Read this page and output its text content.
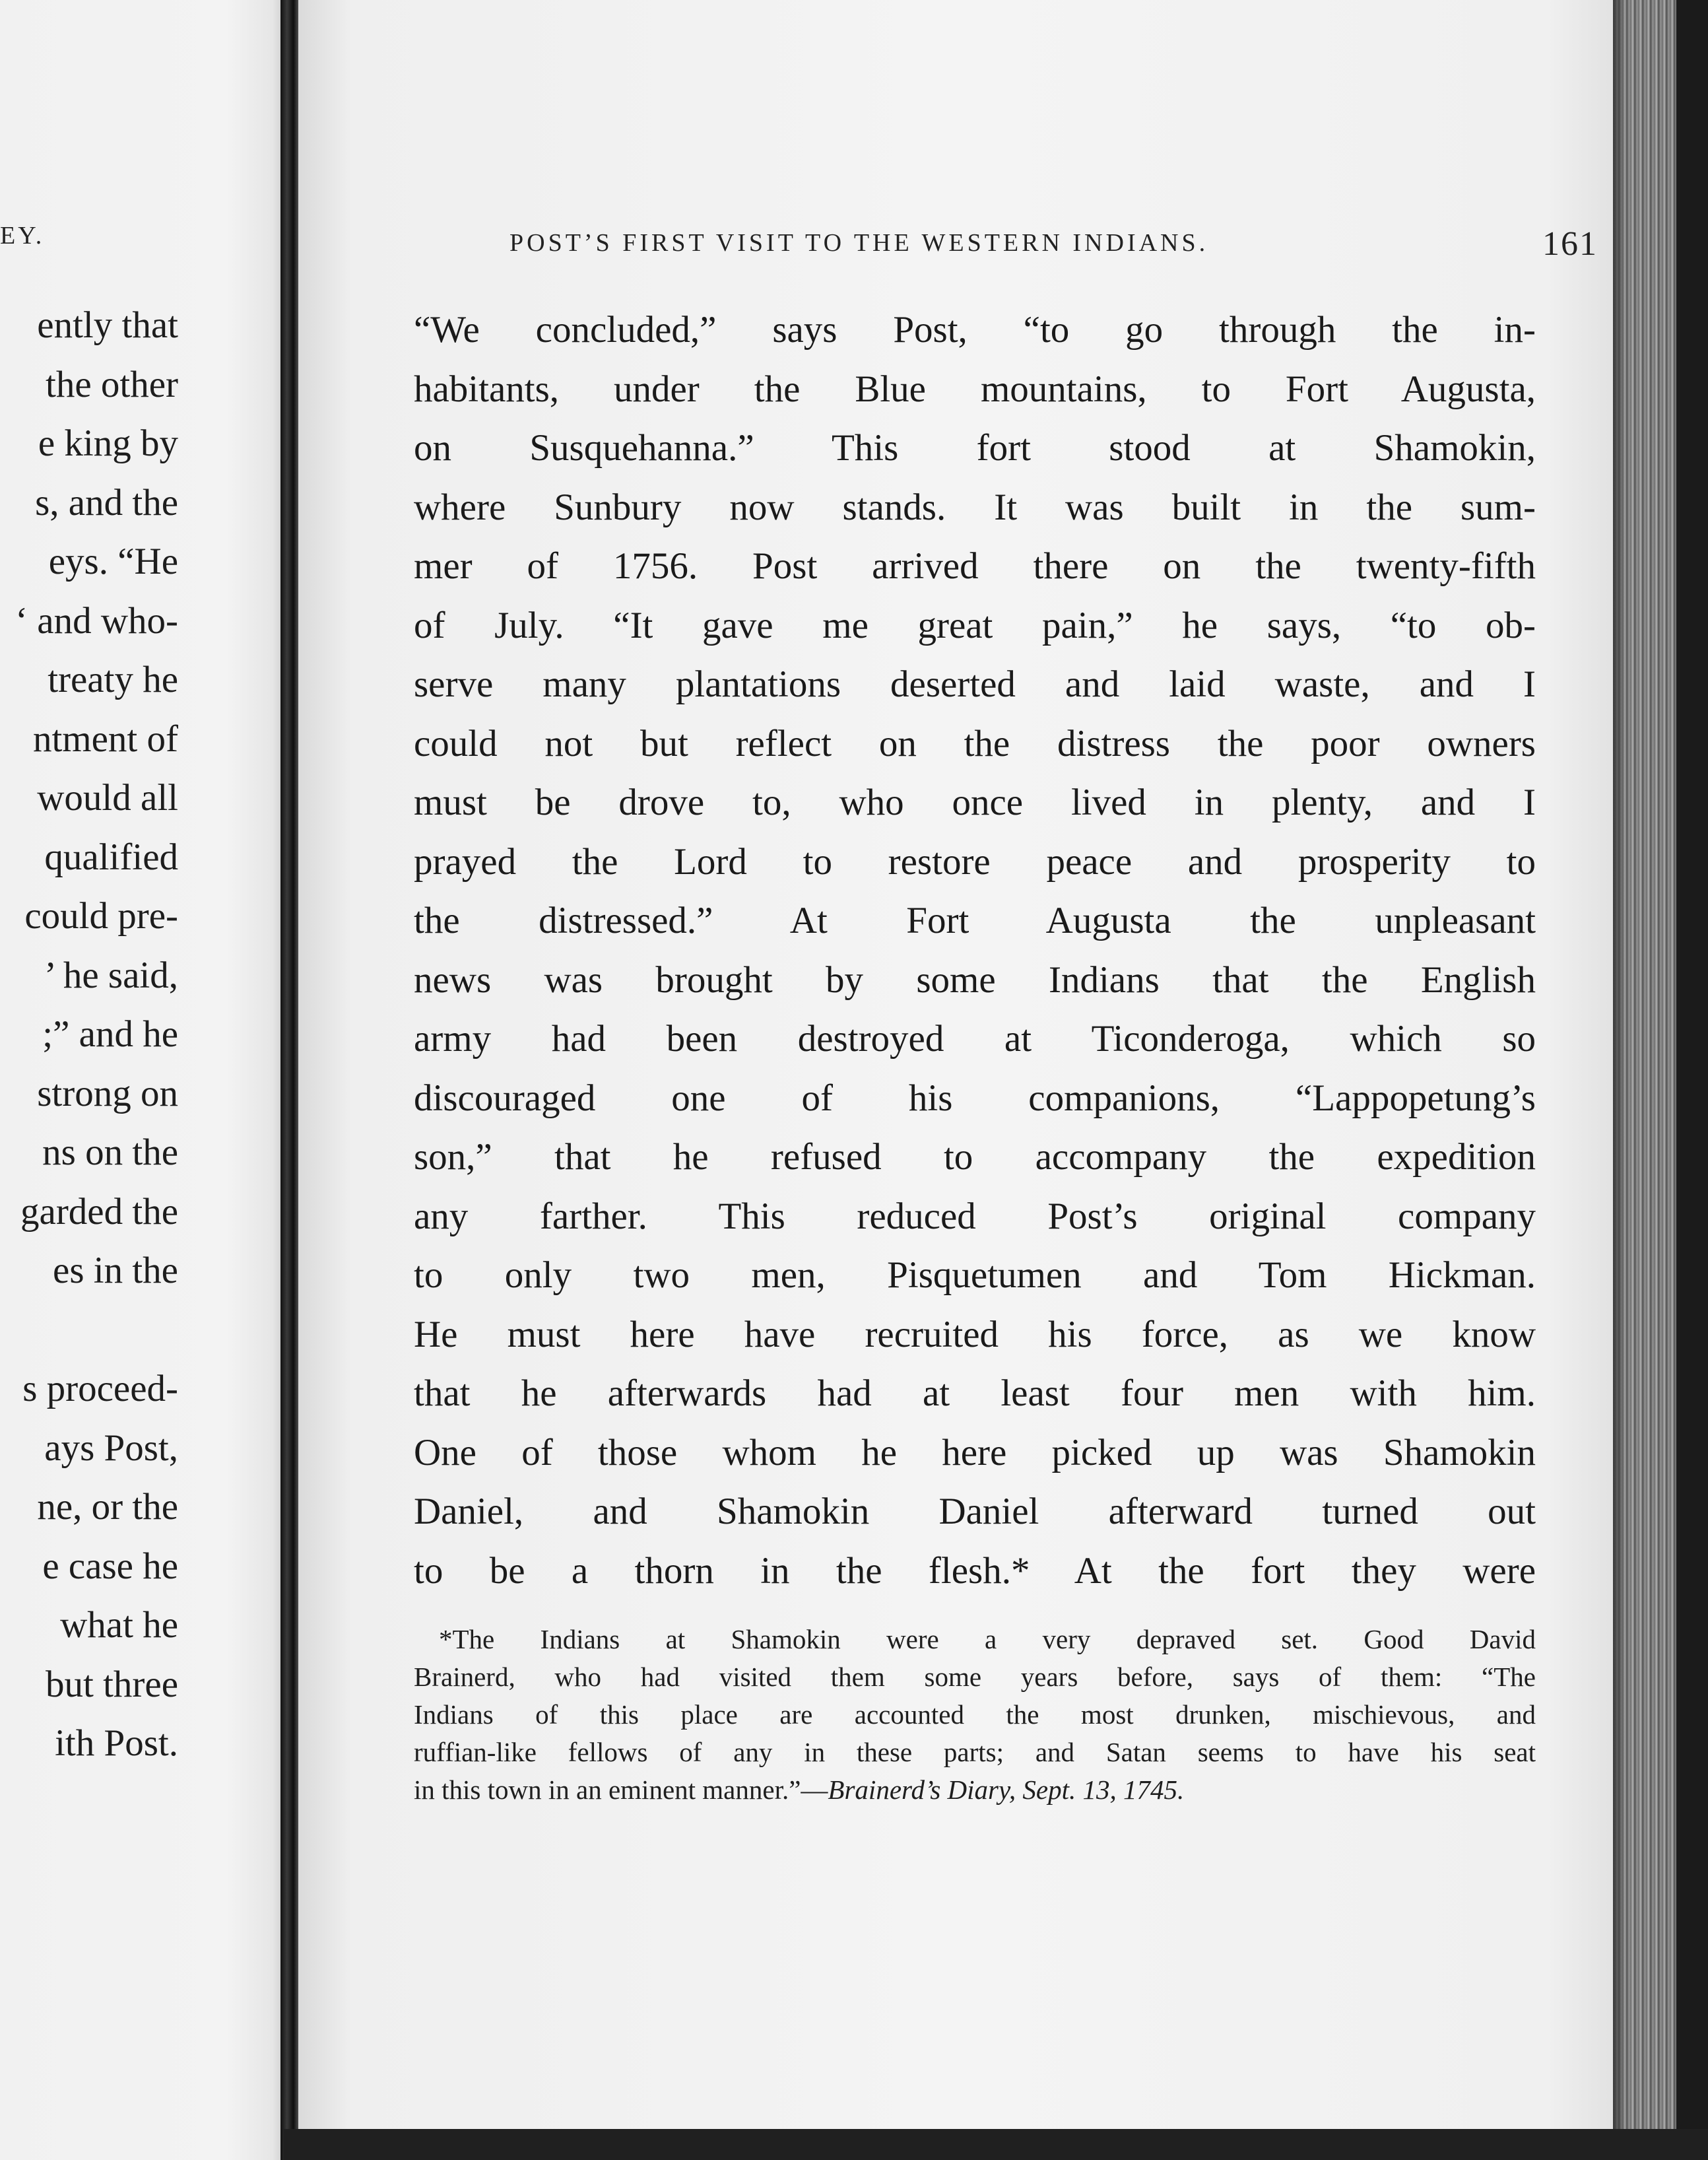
EY.
ently that
the other
e king by
s, and the
eys. “He
‘ and who-
treaty he
ntment of
would all
qualified
could pre-
’ he said,
;” and he
strong on
ns on the
garded the
es in the

s proceed-
ays Post,
ne, or the
e case he
what he
but three
ith Post.
POST’S FIRST VISIT TO THE WESTERN INDIANS.	161
“We concluded,” says Post, “to go through the in-
habitants, under the Blue mountains, to Fort Augusta,
on Susquehanna.” This fort stood at Shamokin,
where Sunbury now stands. It was built in the sum-
mer of 1756. Post arrived there on the twenty-fifth
of July. “It gave me great pain,” he says, “to ob-
serve many plantations deserted and laid waste, and I
could not but reflect on the distress the poor owners
must be drove to, who once lived in plenty, and I
prayed the Lord to restore peace and prosperity to
the distressed.” At Fort Augusta the unpleasant
news was brought by some Indians that the English
army had been destroyed at Ticonderoga, which so
discouraged one of his companions, “Lappopetung’s
son,” that he refused to accompany the expedition
any farther. This reduced Post’s original company
to only two men, Pisquetumen and Tom Hickman.
He must here have recruited his force, as we know
that he afterwards had at least four men with him.
One of those whom he here picked up was Shamokin
Daniel, and Shamokin Daniel afterward turned out
to be a thorn in the flesh.* At the fort they were
*The Indians at Shamokin were a very depraved set. Good David
Brainerd, who had visited them some years before, says of them: “The
Indians of this place are accounted the most drunken, mischievous, and
ruffian-like fellows of any in these parts; and Satan seems to have his seat
in this town in an eminent manner.”—Brainerd’s Diary, Sept. 13, 1745.
